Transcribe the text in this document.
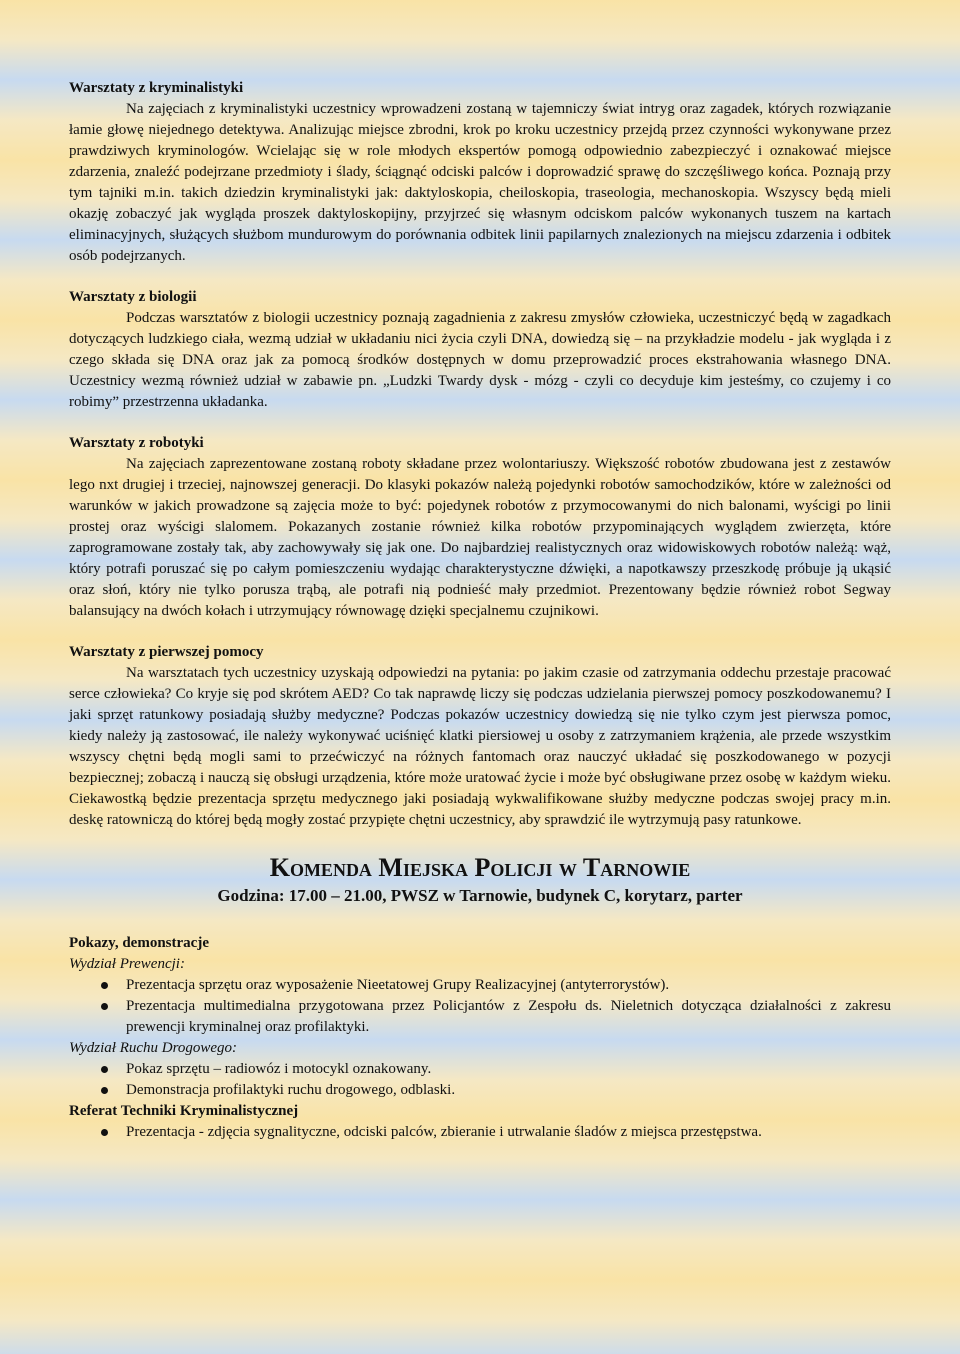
Warsztaty z kryminalistyki

Na zajęciach z kryminalistyki uczestnicy wprowadzeni zostaną w tajemniczy świat intryg oraz zagadek, których rozwiązanie łamie głowę niejednego detektywa. Analizując miejsce zbrodni, krok po kroku uczestnicy przejdą przez czynności wykonywane przez prawdziwych kryminologów. Wcielając się w role młodych ekspertów pomogą odpowiednio zabezpieczyć i oznakować miejsce zdarzenia, znaleźć podejrzane przedmioty i ślady, ściągnąć odciski palców i doprowadzić sprawę do szczęśliwego końca. Poznają przy tym tajniki m.in. takich dziedzin kryminalistyki jak: daktyloskopia, cheiloskopia, traseologia, mechanoskopia. Wszyscy będą mieli okazję zobaczyć jak wygląda proszek daktyloskopijny, przyjrzeć się własnym odciskom palców wykonanych tuszem na kartach eliminacyjnych, służących służbom mundurowym do porównania odbitek linii papilarnych znalezionych na miejscu zdarzenia i odbitek osób podejrzanych.

Warsztaty z biologii

Podczas warsztatów z biologii uczestnicy poznają zagadnienia z zakresu zmysłów człowieka, uczestniczyć będą w zagadkach dotyczących ludzkiego ciała, wezmą udział w układaniu nici życia czyli DNA, dowiedzą się – na przykładzie modelu - jak wygląda i z czego składa się DNA oraz jak za pomocą środków dostępnych w domu przeprowadzić proces ekstrahowania własnego DNA. Uczestnicy wezmą również udział w zabawie pn. „Ludzki Twardy dysk - mózg - czyli co decyduje kim jesteśmy, co czujemy i co robimy” przestrzenna układanka.

Warsztaty z robotyki

Na zajęciach zaprezentowane zostaną roboty składane przez wolontariuszy. Większość robotów zbudowana jest z zestawów lego nxt drugiej i trzeciej, najnowszej generacji. Do klasyki pokazów należą pojedynki robotów samochodzików, które w zależności od warunków w jakich prowadzone są zajęcia może to być: pojedynek robotów z przymocowanymi do nich balonami, wyścigi po linii prostej oraz wyścigi slalomem. Pokazanych zostanie również kilka robotów przypominających wyglądem zwierzęta, które zaprogramowane zostały tak, aby zachowywały się jak one. Do najbardziej realistycznych oraz widowiskowych robotów należą: wąż, który potrafi poruszać się po całym pomieszczeniu wydając charakterystyczne dźwięki, a napotkawszy przeszkodę próbuje ją ukąsić oraz słoń, który nie tylko porusza trąbą, ale potrafi nią podnieść mały przedmiot. Prezentowany będzie również robot Segway balansujący na dwóch kołach i utrzymujący równowagę dzięki specjalnemu czujnikowi.

Warsztaty z pierwszej pomocy

Na warsztatach tych uczestnicy uzyskają odpowiedzi na pytania: po jakim czasie od zatrzymania oddechu przestaje pracować serce człowieka? Co kryje się pod skrótem AED? Co tak naprawdę liczy się podczas udzielania pierwszej pomocy poszkodowanemu? I jaki sprzęt ratunkowy posiadają służby medyczne? Podczas pokazów uczestnicy dowiedzą się nie tylko czym jest pierwsza pomoc, kiedy należy ją zastosować, ile należy wykonywać uciśnięć klatki piersiowej u osoby z zatrzymaniem krążenia, ale przede wszystkim wszyscy chętni będą mogli sami to przećwiczyć na różnych fantomach oraz nauczyć układać się poszkodowanego w pozycji bezpiecznej; zobaczą i nauczą się obsługi urządzenia, które może uratować życie i może być obsługiwane przez osobę w każdym wieku. Ciekawostką będzie prezentacja sprzętu medycznego jaki posiadają wykwalifikowane służby medyczne podczas swojej pracy m.in. deskę ratowniczą do której będą mogły zostać przypięte chętni uczestnicy, aby sprawdzić ile wytrzymują pasy ratunkowe.

Komenda Miejska Policji w Tarnowie
Godzina: 17.00 – 21.00, PWSZ w Tarnowie, budynek C, korytarz, parter

Pokazy, demonstracje

Wydział Prewencji:

Prezentacja sprzętu oraz wyposażenie Nieetatowej Grupy Realizacyjnej (antyterrorystów).
Prezentacja multimedialna przygotowana przez Policjantów z Zespołu ds. Nieletnich dotycząca działalności z zakresu prewencji kryminalnej oraz profilaktyki.

Wydział Ruchu Drogowego:

Pokaz sprzętu – radiowóz i motocykl oznakowany.
Demonstracja profilaktyki ruchu drogowego, odblaski.

Referat Techniki Kryminalistycznej

Prezentacja - zdjęcia sygnalityczne, odciski palców, zbieranie i utrwalanie śladów z miejsca przestępstwa.
